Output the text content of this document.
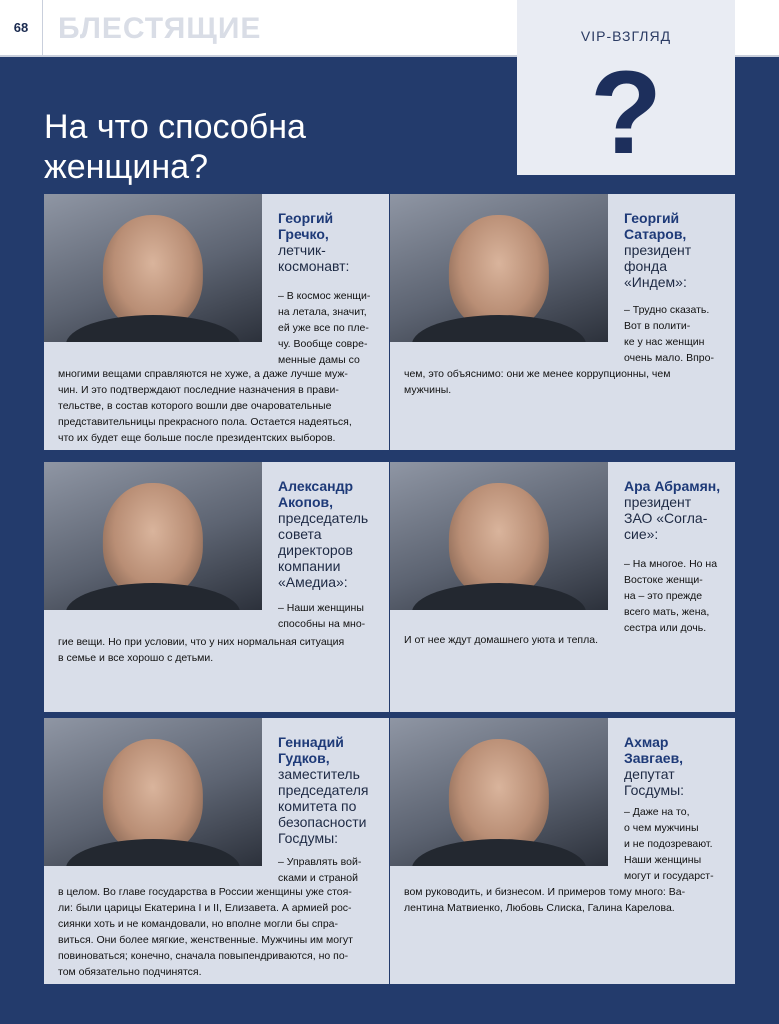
68 БЛЕСТЯЩИЕ	VIP-ВЗГЛЯД
?
На что способна
женщина?
Георгий
Гречко,
летчик-
космонавт:
– В космос женщи-
на летала, значит,
ей уже все по пле-
чу. Вообще совре-
менные дамы со
многими вещами справляются не хуже, а даже лучше муж-
чин. И это подтверждают последние назначения в прави-
тельстве, в состав которого вошли две очаровательные
представительницы прекрасного пола. Остается надеяться,
что их будет еще больше после президентских выборов.
Георгий
Сатаров,
президент
фонда
«Индем»:
– Трудно сказать.
Вот в полити-
ке у нас женщин
очень мало. Впро-
чем, это объяснимо: они же менее коррупционны, чем
мужчины.
Александр
Акопов,
председатель
совета
директоров
компании
«Амедиа»:
– Наши женщины
способны на мно-
гие вещи. Но при условии, что у них нормальная ситуация
в семье и все хорошо с детьми.
Ара Абрамян,
президент
ЗАО «Согла-
сие»:
– На многое. Но на
Востоке женщи-
на – это прежде
всего мать, жена,
сестра или дочь.
И от нее ждут домашнего уюта и тепла.
Геннадий
Гудков,
заместитель
председателя
комитета по
безопасности
Госдумы:
– Управлять вой-
сками и страной
в целом. Во главе государства в России женщины уже стоя-
ли: были царицы Екатерина I и II, Елизавета. А армией рос-
сиянки хоть и не командовали, но вполне могли бы спра-
виться. Они более мягкие, женственные. Мужчины им могут
повиноваться; конечно, сначала повыпендриваются, но по-
том обязательно подчинятся.
Ахмар
Завгаев,
депутат
Госдумы:
– Даже на то,
о чем мужчины
и не подозревают.
Наши женщины
могут и государст-
вом руководить, и бизнесом. И примеров тому много: Ва-
лентина Матвиенко, Любовь Слиска, Галина Карелова.
